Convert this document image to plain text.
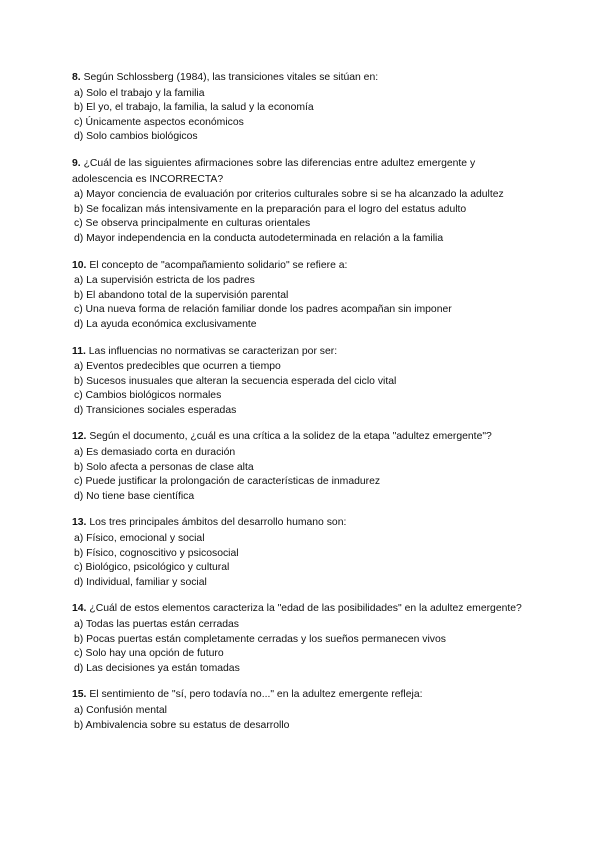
8. Según Schlossberg (1984), las transiciones vitales se sitúan en:

a) Solo el trabajo y la familia

b) El yo, el trabajo, la familia, la salud y la economía

c) Únicamente aspectos económicos

d) Solo cambios biológicos

9. ¿Cuál de las siguientes afirmaciones sobre las diferencias entre adultez emergente y adolescencia es INCORRECTA?

a) Mayor conciencia de evaluación por criterios culturales sobre si se ha alcanzado la adultez

b) Se focalizan más intensivamente en la preparación para el logro del estatus adulto

c) Se observa principalmente en culturas orientales

d) Mayor independencia en la conducta autodeterminada en relación a la familia

10. El concepto de "acompañamiento solidario" se refiere a:

a) La supervisión estricta de los padres

b) El abandono total de la supervisión parental

c) Una nueva forma de relación familiar donde los padres acompañan sin imponer

d) La ayuda económica exclusivamente

11. Las influencias no normativas se caracterizan por ser:

a) Eventos predecibles que ocurren a tiempo

b) Sucesos inusuales que alteran la secuencia esperada del ciclo vital

c) Cambios biológicos normales

d) Transiciones sociales esperadas

12. Según el documento, ¿cuál es una crítica a la solidez de la etapa "adultez emergente"?

a) Es demasiado corta en duración

b) Solo afecta a personas de clase alta

c) Puede justificar la prolongación de características de inmadurez

d) No tiene base científica

13. Los tres principales ámbitos del desarrollo humano son:

a) Físico, emocional y social

b) Físico, cognoscitivo y psicosocial

c) Biológico, psicológico y cultural

d) Individual, familiar y social

14. ¿Cuál de estos elementos caracteriza la "edad de las posibilidades" en la adultez emergente?

a) Todas las puertas están cerradas

b) Pocas puertas están completamente cerradas y los sueños permanecen vivos

c) Solo hay una opción de futuro

d) Las decisiones ya están tomadas

15. El sentimiento de "sí, pero todavía no..." en la adultez emergente refleja:

a) Confusión mental

b) Ambivalencia sobre su estatus de desarrollo
